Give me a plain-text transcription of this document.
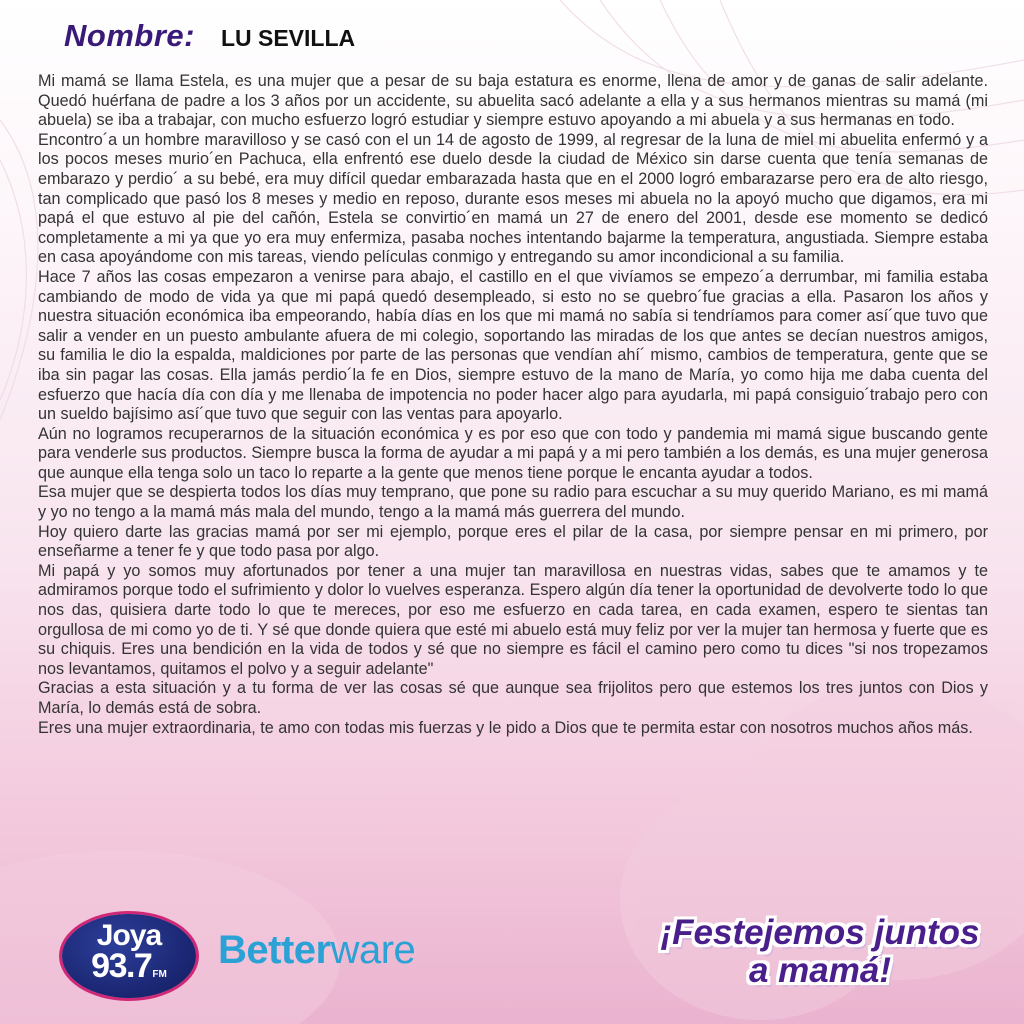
Nombre: LU SEVILLA

Mi mamá se llama Estela, es una mujer que a pesar de su baja estatura es enorme, llena de amor y de ganas de salir adelante. Quedó huérfana de padre a los 3 años por un accidente, su abuelita sacó adelante a ella y a sus hermanos mientras su mamá (mi abuela) se iba a trabajar, con mucho esfuerzo logró estudiar y siempre estuvo apoyando a mi abuela y a sus hermanas en todo.

Encontro´a un hombre maravilloso y se casó con el un 14 de agosto de 1999, al regresar de la luna de miel mi abuelita enfermó y a los pocos meses murio´en Pachuca, ella enfrentó ese duelo desde la ciudad de México sin darse cuenta que tenía semanas de embarazo y perdio´ a su bebé, era muy difícil quedar embarazada hasta que en el 2000 logró embarazarse pero era de alto riesgo, tan complicado que pasó los 8 meses y medio en reposo, durante esos meses mi abuela no la apoyó mucho que digamos, era mi papá el que estuvo al pie del cañón, Estela se convirtio´en mamá un 27 de enero del 2001, desde ese momento se dedicó completamente a mi ya que yo era muy enfermiza, pasaba noches intentando bajarme la temperatura, angustiada. Siempre estaba en casa apoyándome con mis tareas, viendo películas conmigo y entregando su amor incondicional a su familia.

Hace 7 años las cosas empezaron a venirse para abajo, el castillo en el que vivíamos se empezo´a derrumbar, mi familia estaba cambiando de modo de vida ya que mi papá quedó desempleado, si esto no se quebro´fue gracias a ella. Pasaron los años y nuestra situación económica iba empeorando, había días en los que mi mamá no sabía si tendríamos para comer así´que tuvo que salir a vender en un puesto ambulante afuera de mi colegio, soportando las miradas de los que antes se decían nuestros amigos, su familia le dio la espalda, maldiciones por parte de las personas que vendían ahí´ mismo, cambios de temperatura, gente que se iba sin pagar las cosas. Ella jamás perdio´la fe en Dios, siempre estuvo de la mano de María, yo como hija me daba cuenta del esfuerzo que hacía día con día y me llenaba de impotencia no poder hacer algo para ayudarla, mi papá consiguio´trabajo pero con un sueldo bajísimo así´que tuvo que seguir con las ventas para apoyarlo.

Aún no logramos recuperarnos de la situación económica y es por eso que con todo y pandemia mi mamá sigue buscando gente para venderle sus productos. Siempre busca la forma de ayudar a mi papá y a mi pero también a los demás, es una mujer generosa que aunque ella tenga solo un taco lo reparte a la gente que menos tiene porque le encanta ayudar a todos.

Esa mujer que se despierta todos los días muy temprano, que pone su radio para escuchar a su muy querido Mariano, es mi mamá y yo no tengo a la mamá más mala del mundo, tengo a la mamá más guerrera del mundo.

Hoy quiero darte las gracias mamá por ser mi ejemplo, porque eres el pilar de la casa, por siempre pensar en mi primero, por enseñarme a tener fe y que todo pasa por algo.

Mi papá y yo somos muy afortunados por tener a una mujer tan maravillosa en nuestras vidas, sabes que te amamos y te admiramos porque todo el sufrimiento y dolor lo vuelves esperanza. Espero algún día tener la oportunidad de devolverte todo lo que nos das, quisiera darte todo lo que te mereces, por eso me esfuerzo en cada tarea, en cada examen, espero te sientas tan orgullosa de mi como yo de ti. Y sé que donde quiera que esté mi abuelo está muy feliz por ver la mujer tan hermosa y fuerte que es su chiquis. Eres una bendición en la vida de todos y sé que no siempre es fácil el camino pero como tu dices "si nos tropezamos nos levantamos, quitamos el polvo y a seguir adelante"

Gracias a esta situación y a tu forma de ver las cosas sé que aunque sea frijolitos pero que estemos los tres juntos con Dios y María, lo demás está de sobra.

Eres una mujer extraordinaria, te amo con todas mis fuerzas y le pido a Dios que te permita estar con nosotros muchos años más.

Joya
93.7FM
Betterware	¡Festejemos juntos
a mamá!
